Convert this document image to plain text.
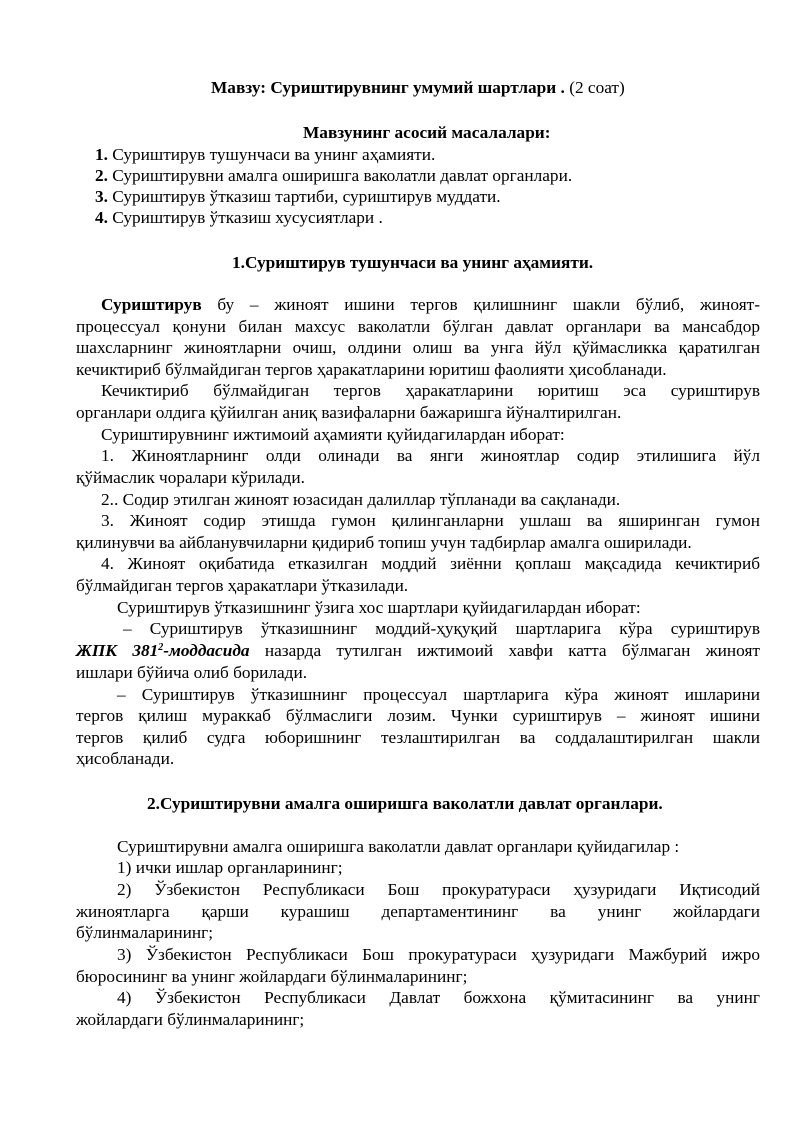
Мавзу: Суриштирувнинг умумий шартлари . (2 соат)
Мавзунинг асосий масалалари:
1. Суриштирув тушунчаси ва унинг аҳамияти.
2. Суриштирувни амалга оширишга ваколатли давлат органлари.
3. Суриштирув ўтказиш тартиби, суриштирув муддати.
4. Суриштирув ўтказиш хусусиятлари .
1.Суриштирув тушунчаси ва унинг аҳамияти.
Суриштирув бу – жиноят ишини тергов қилишнинг шакли бўлиб, жиноят-
процессуал қонуни билан махсус ваколатли бўлган давлат органлари ва мансабдор
шахсларнинг жиноятларни очиш, олдини олиш ва унга йўл қўймасликка қаратилган
кечиктириб бўлмайдиган тергов ҳаракатларини юритиш фаолияти ҳисобланади.
Кечиктириб бўлмайдиган тергов ҳаракатларини юритиш эса суриштирув
органлари олдига қўйилган аниқ вазифаларни бажаришга йўналтирилган.
Суриштирувнинг ижтимоий аҳамияти қуйидагилардан иборат:
1. Жиноятларнинг олди олинади ва янги жиноятлар содир этилишига йўл
қўймаслик чоралари кўрилади.
2.. Содир этилган жиноят юзасидан далиллар тўпланади ва сақланади.
3. Жиноят содир этишда гумон қилинганларни ушлаш ва яширинган гумон
қилинувчи ва айбланувчиларни қидириб топиш учун тадбирлар амалга оширилади.
4. Жиноят оқибатида етказилган моддий зиённи қоплаш мақсадида кечиктириб
бўлмайдиган тергов ҳаракатлари ўтказилади.
Суриштирув ўтказишнинг ўзига хос шартлари қуйидагилардан иборат:
– Суриштирув ўтказишнинг моддий-ҳуқуқий шартларига кўра суриштирув
ЖПК $381^2$-моддасида назарда тутилган ижтимоий хавфи катта бўлмаган жиноят
ишлари бўйича олиб борилади.
– Суриштирув ўтказишнинг процессуал шартларига кўра жиноят ишларини
тергов қилиш мураккаб бўлмаслиги лозим. Чунки суриштирув – жиноят ишини
тергов қилиб судга юборишнинг тезлаштирилган ва соддалаштирилган шакли
ҳисобланади.
2.Суриштирувни амалга оширишга ваколатли давлат органлари.
Суриштирувни амалга оширишга ваколатли давлат органлари қуйидагилар :
1) ички ишлар органларининг;
2) Ўзбекистон Республикаси Бош прокуратураси ҳузуридаги Иқтисодий
жиноятларга қарши курашиш департаментининг ва унинг жойлардаги
бўлинмаларининг;
3) Ўзбекистон Республикаси Бош прокуратураси ҳузуридаги Мажбурий ижро
бюросининг ва унинг жойлардаги бўлинмаларининг;
4) Ўзбекистон Республикаси Давлат божхона қўмитасининг ва унинг
жойлардаги бўлинмаларининг;
